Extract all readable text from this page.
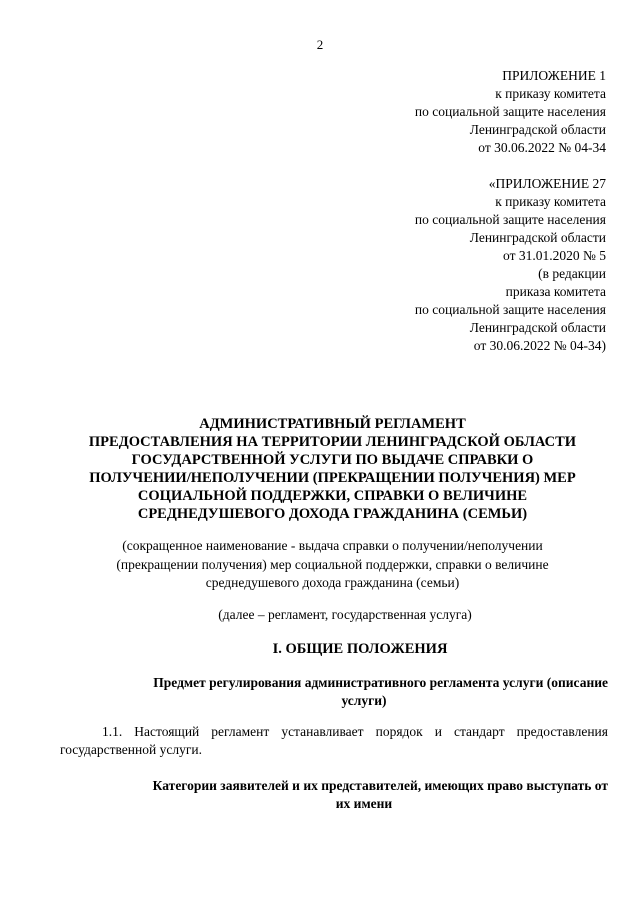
2
ПРИЛОЖЕНИЕ 1
к приказу комитета
по социальной защите населения
Ленинградской области
от 30.06.2022 № 04-34
«ПРИЛОЖЕНИЕ 27
к приказу комитета
по социальной защите населения
Ленинградской области
от 31.01.2020 № 5
(в редакции
приказа комитета
по социальной защите населения
Ленинградской области
от 30.06.2022 № 04-34)
АДМИНИСТРАТИВНЫЙ РЕГЛАМЕНТ
ПРЕДОСТАВЛЕНИЯ НА ТЕРРИТОРИИ ЛЕНИНГРАДСКОЙ ОБЛАСТИ
ГОСУДАРСТВЕННОЙ УСЛУГИ ПО ВЫДАЧЕ СПРАВКИ О
ПОЛУЧЕНИИ/НЕПОЛУЧЕНИИ (ПРЕКРАЩЕНИИ ПОЛУЧЕНИЯ) МЕР
СОЦИАЛЬНОЙ ПОДДЕРЖКИ, СПРАВКИ О ВЕЛИЧИНЕ
СРЕДНЕДУШЕВОГО ДОХОДА ГРАЖДАНИНА (СЕМЬИ)

(сокращенное наименование - выдача справки о получении/неполучении
(прекращении получения) мер социальной поддержки, справки о величине
среднедушевого дохода гражданина (семьи)

(далее – регламент, государственная услуга)

I. ОБЩИЕ ПОЛОЖЕНИЯ
Предмет регулирования административного регламента услуги (описание
услуги)

1.1. Настоящий регламент устанавливает порядок и стандарт предоставления
государственной услуги.

Категории заявителей и их представителей, имеющих право выступать от
их имени
